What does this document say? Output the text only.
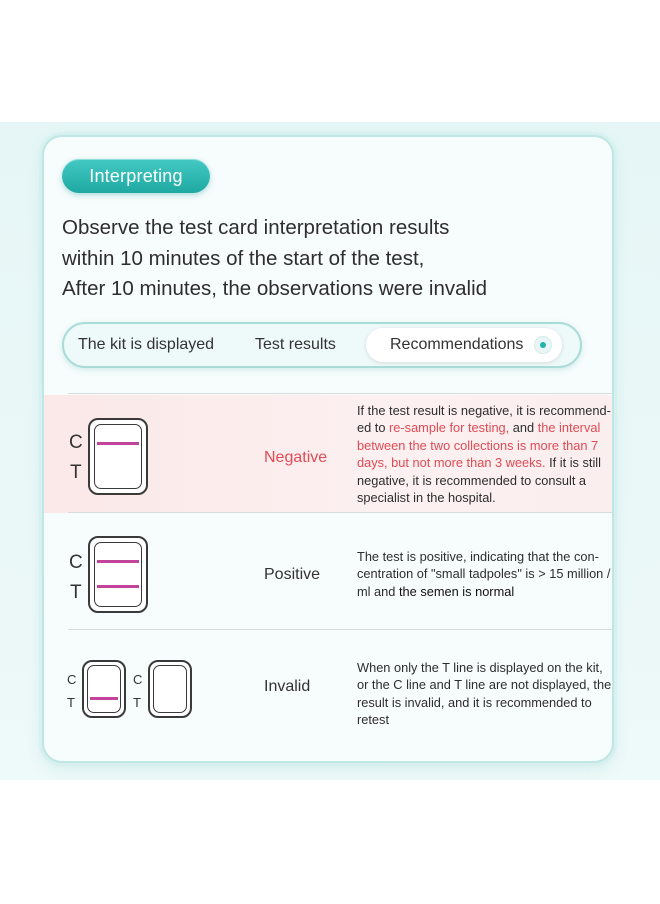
Interpreting
Observe the test card interpretation results
within 10 minutes of the start of the test,
After 10 minutes, the observations were invalid
The kit is displayed	Test results	Recommendations
C
T
Negative
If the test result is negative, it is recommend- ed to re-sample for testing, and the interval between the two collections is more than 7 days, but not more than 3 weeks. If it is still negative, it is recommended to consult a specialist in the hospital.
C
T
Positive
The test is positive, indicating that the con-centration of "small tadpoles" is > 15 million / ml and the semen is normal
C
T
C
T
Invalid
When only the T line is displayed on the kit, or the C line and T line are not displayed, the result is invalid, and it is recommended to retest
